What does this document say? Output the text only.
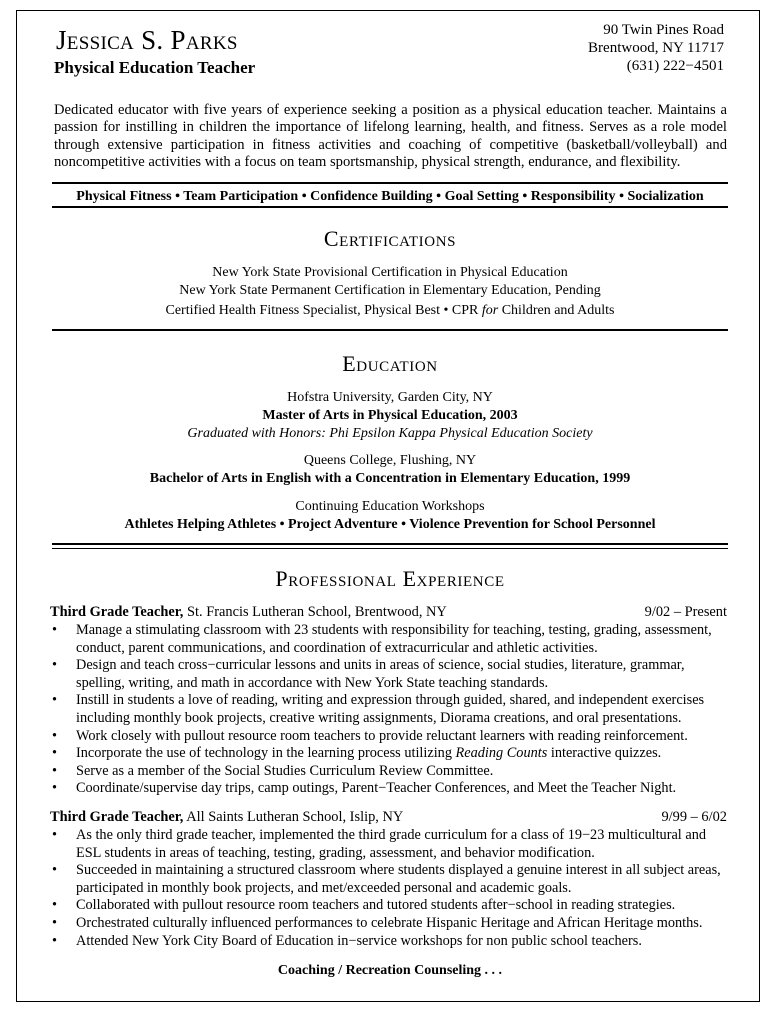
Jessica S. Parks
Physical Education Teacher
90 Twin Pines Road
Brentwood, NY 11717
(631) 222−4501
Dedicated educator with five years of experience seeking a position as a physical education teacher. Maintains a passion for instilling in children the importance of lifelong learning, health, and fitness. Serves as a role model through extensive participation in fitness activities and coaching of competitive (basketball/volleyball) and noncompetitive activities with a focus on team sportsmanship, physical strength, endurance, and flexibility.
Physical Fitness • Team Participation • Confidence Building • Goal Setting • Responsibility • Socialization
Certifications
New York State Provisional Certification in Physical Education
New York State Permanent Certification in Elementary Education, Pending
Certified Health Fitness Specialist, Physical Best • CPR for Children and Adults
Education
Hofstra University, Garden City, NY
Master of Arts in Physical Education, 2003
Graduated with Honors: Phi Epsilon Kappa Physical Education Society
Queens College, Flushing, NY
Bachelor of Arts in English with a Concentration in Elementary Education, 1999
Continuing Education Workshops
Athletes Helping Athletes • Project Adventure • Violence Prevention for School Personnel
Professional Experience
Third Grade Teacher, St. Francis Lutheran School, Brentwood, NY	9/02 – Present
• Manage a stimulating classroom with 23 students with responsibility for teaching, testing, grading, assessment, conduct, parent communications, and coordination of extracurricular and athletic activities.
• Design and teach cross−curricular lessons and units in areas of science, social studies, literature, grammar, spelling, writing, and math in accordance with New York State teaching standards.
• Instill in students a love of reading, writing and expression through guided, shared, and independent exercises including monthly book projects, creative writing assignments, Diorama creations, and oral presentations.
• Work closely with pullout resource room teachers to provide reluctant learners with reading reinforcement.
• Incorporate the use of technology in the learning process utilizing Reading Counts interactive quizzes.
• Serve as a member of the Social Studies Curriculum Review Committee.
• Coordinate/supervise day trips, camp outings, Parent−Teacher Conferences, and Meet the Teacher Night.
Third Grade Teacher, All Saints Lutheran School, Islip, NY	9/99 – 6/02
• As the only third grade teacher, implemented the third grade curriculum for a class of 19−23 multicultural and ESL students in areas of teaching, testing, grading, assessment, and behavior modification.
• Succeeded in maintaining a structured classroom where students displayed a genuine interest in all subject areas, participated in monthly book projects, and met/exceeded personal and academic goals.
• Collaborated with pullout resource room teachers and tutored students after−school in reading strategies.
• Orchestrated culturally influenced performances to celebrate Hispanic Heritage and African Heritage months.
• Attended New York City Board of Education in−service workshops for non public school teachers.
Coaching / Recreation Counseling . . .
